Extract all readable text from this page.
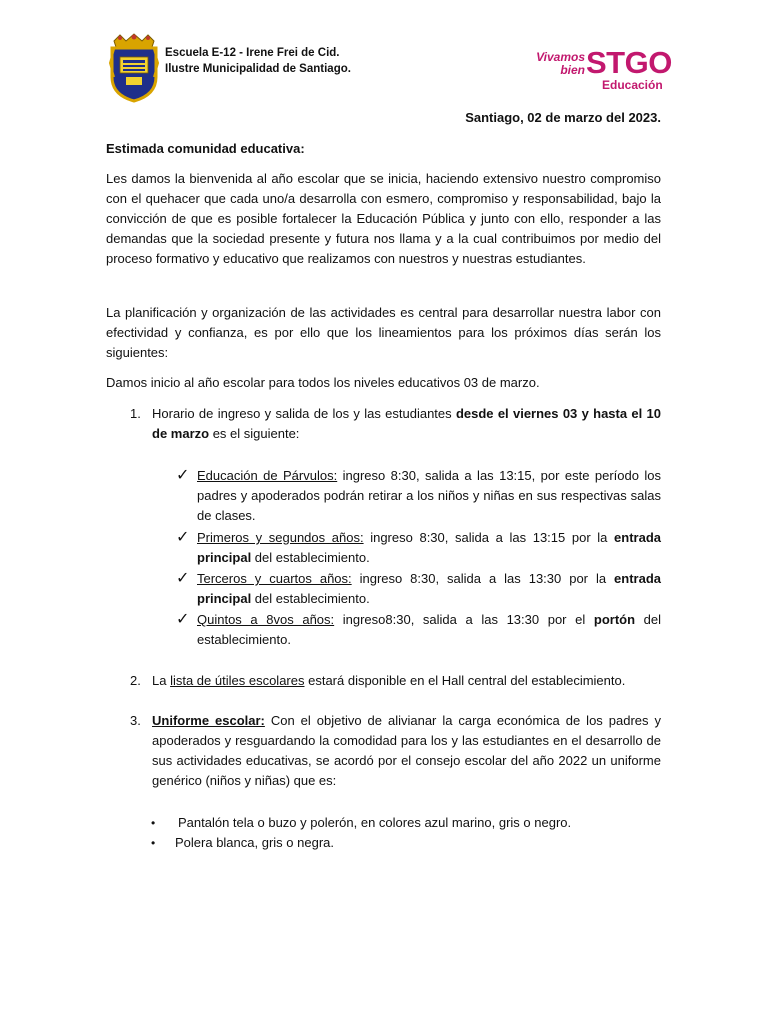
Escuela E-12 - Irene Frei de Cid.
Ilustre Municipalidad de Santiago.
Vivamos
bien STGO
Educación
Santiago, 02 de marzo del 2023.
Estimada comunidad educativa:
Les damos la bienvenida al año escolar que se inicia, haciendo extensivo nuestro compromiso con el quehacer que cada uno/a desarrolla con esmero, compromiso y responsabilidad, bajo la convicción de que es posible fortalecer la Educación Pública y junto con ello, responder a las demandas que la sociedad presente y futura nos llama y a la cual contribuimos por medio del proceso formativo y educativo que realizamos con nuestros y nuestras estudiantes.
La planificación y organización de las actividades es central para desarrollar nuestra labor con efectividad y confianza, es por ello que los lineamientos para los próximos días serán los siguientes:
Damos inicio al año escolar para todos los niveles educativos 03 de marzo.
1. Horario de ingreso y salida de los y las estudiantes desde el viernes 03 y hasta el 10 de marzo es el siguiente:
✓ Educación de Párvulos: ingreso 8:30, salida a las 13:15, por este período los padres y apoderados podrán retirar a los niños y niñas en sus respectivas salas de clases.
✓ Primeros y segundos años: ingreso 8:30, salida a las 13:15 por la entrada principal del establecimiento.
✓ Terceros y cuartos años: ingreso 8:30, salida a las 13:30 por la entrada principal del establecimiento.
✓ Quintos a 8vos años: ingreso8:30, salida a las 13:30 por el portón del establecimiento.
2. La lista de útiles escolares estará disponible en el Hall central del establecimiento.
3. Uniforme escolar: Con el objetivo de alivianar la carga económica de los padres y apoderados y resguardando la comodidad para los y las estudiantes en el desarrollo de sus actividades educativas, se acordó por el consejo escolar del año 2022 un uniforme genérico (niños y niñas) que es:
• Pantalón tela o buzo y polerón, en colores azul marino, gris o negro.
• Polera blanca, gris o negra.
